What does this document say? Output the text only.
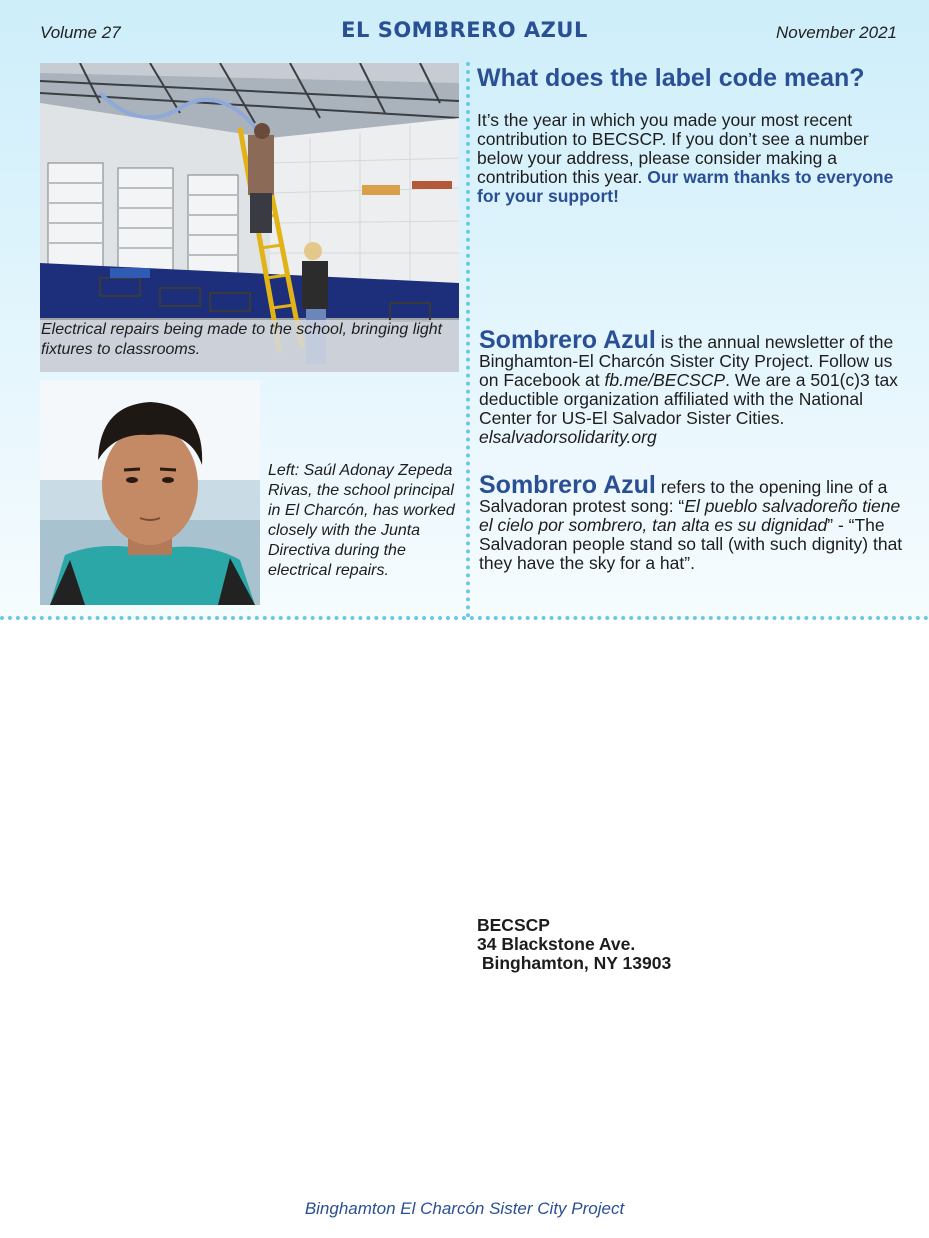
Volume 27	EL SOMBRERO AZUL	November 2021
Electrical repairs being made to the school, bringing light fixtures to classrooms.
Left: Saúl Adonay Zepeda Rivas, the school principal in El Charcón, has worked closely with the Junta Directiva during the electrical repairs.
What does the label code mean?
It’s the year in which you made your most recent contribution to BECSCP. If you don’t see a number below your address, please consider making a contribution this year. Our warm thanks to everyone for your support!
Sombrero Azul is the annual newsletter of the Binghamton-El Charcón Sister City Project. Follow us on Facebook at fb.me/BECSCP. We are a 501(c)3 tax deductible organization affiliated with the National Center for US-El Salvador Sister Cities. elsalvadorsolidarity.org
Sombrero Azul refers to the opening line of a Salvadoran protest song: “El pueblo salvadoreño tiene el cielo por sombrero, tan alta es su dignidad” - “The Salvadoran people stand so tall (with such dignity) that they have the sky for a hat”.
BECSCP
34 Blackstone Ave.
Binghamton, NY 13903
Binghamton El Charcón Sister City Project
